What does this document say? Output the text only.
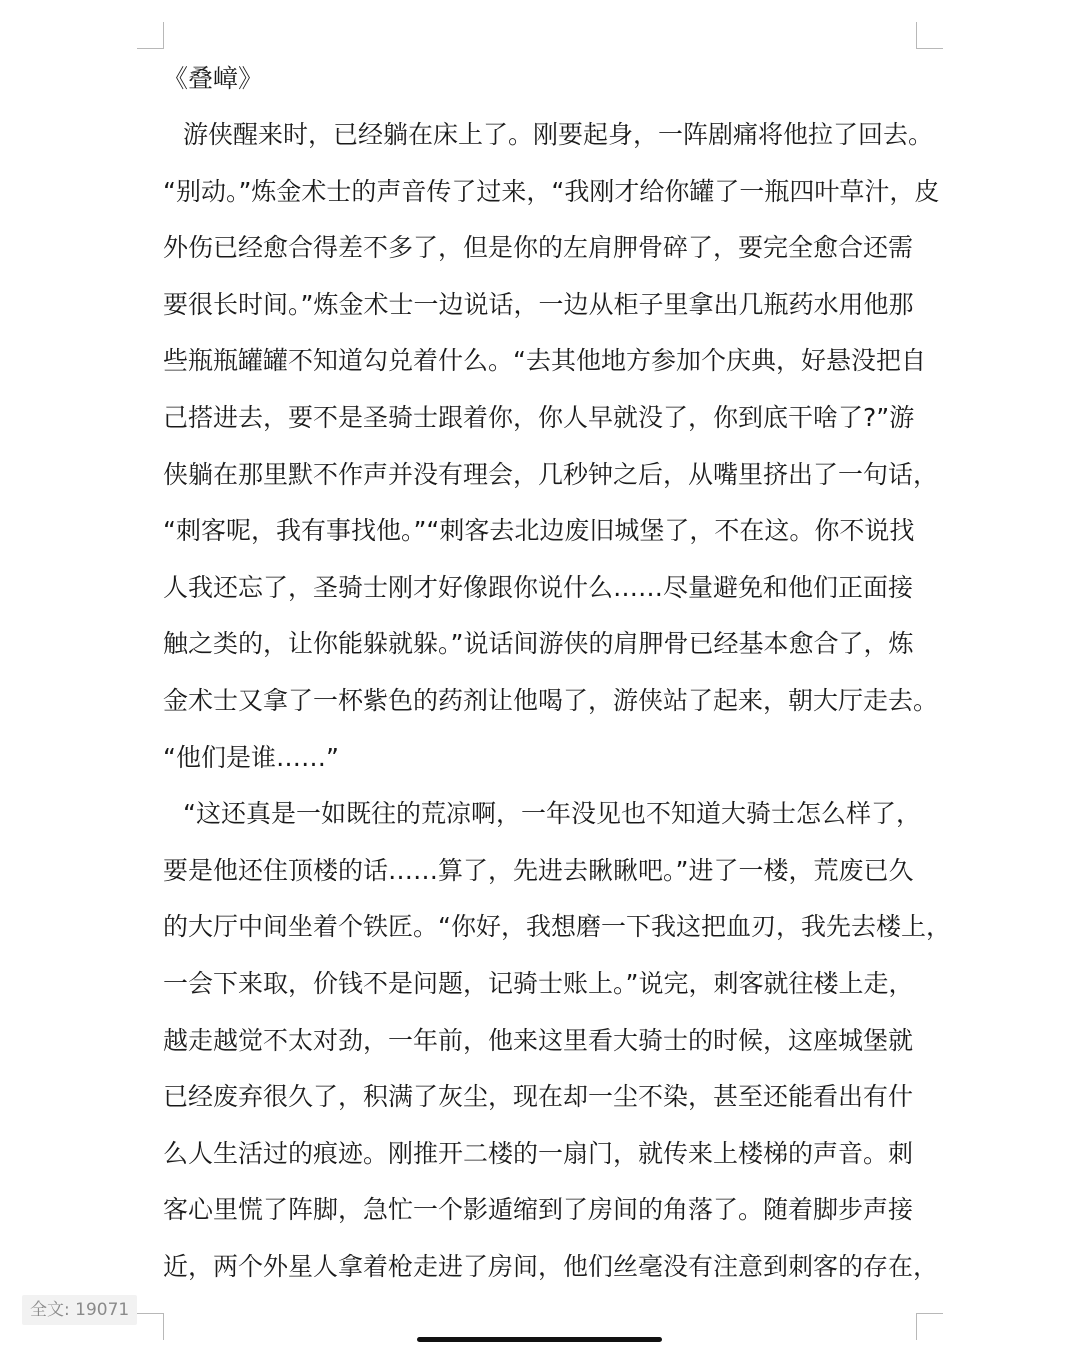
《叠嶂》
游侠醒来时，已经躺在床上了。刚要起身，一阵剧痛将他拉了回去。
“别动。”炼金术士的声音传了过来，“我刚才给你罐了一瓶四叶草汁，皮
外伤已经愈合得差不多了，但是你的左肩胛骨碎了，要完全愈合还需
要很长时间。”炼金术士一边说话，一边从柜子里拿出几瓶药水用他那
些瓶瓶罐罐不知道勾兑着什么。“去其他地方参加个庆典，好悬没把自
己搭进去，要不是圣骑士跟着你，你人早就没了，你到底干啥了?”游
侠躺在那里默不作声并没有理会，几秒钟之后，从嘴里挤出了一句话，
“刺客呢，我有事找他。”“刺客去北边废旧城堡了，不在这。你不说找
人我还忘了，圣骑士刚才好像跟你说什么……尽量避免和他们正面接
触之类的，让你能躲就躲。”说话间游侠的肩胛骨已经基本愈合了，炼
金术士又拿了一杯紫色的药剂让他喝了，游侠站了起来，朝大厅走去。
“他们是谁……”
“这还真是一如既往的荒凉啊，一年没见也不知道大骑士怎么样了，
要是他还住顶楼的话……算了，先进去瞅瞅吧。”进了一楼，荒废已久
的大厅中间坐着个铁匠。“你好，我想磨一下我这把血刃，我先去楼上，
一会下来取，价钱不是问题，记骑士账上。”说完，刺客就往楼上走，
越走越觉不太对劲，一年前，他来这里看大骑士的时候，这座城堡就
已经废弃很久了，积满了灰尘，现在却一尘不染，甚至还能看出有什
么人生活过的痕迹。刚推开二楼的一扇门，就传来上楼梯的声音。刺
客心里慌了阵脚，急忙一个影遁缩到了房间的角落了。随着脚步声接
近，两个外星人拿着枪走进了房间，他们丝毫没有注意到刺客的存在，
全文: 19071
